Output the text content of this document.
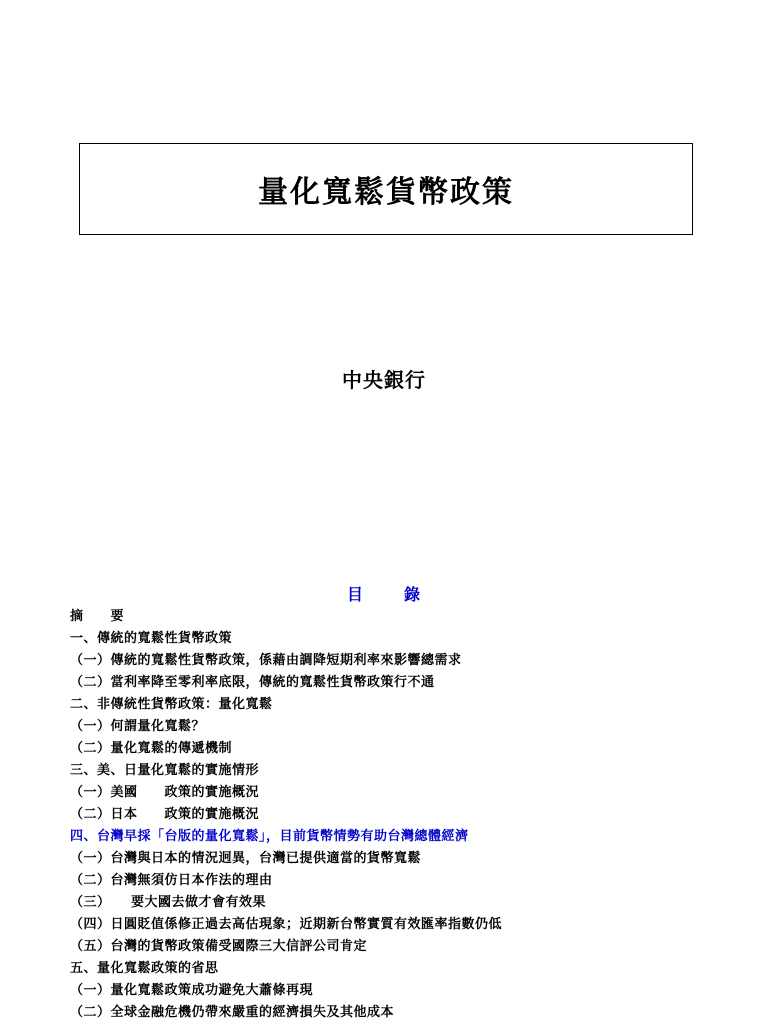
量化寬鬆貨幣政策
中央銀行
目	錄
摘　　要
一、傳統的寬鬆性貨幣政策
（一）傳統的寬鬆性貨幣政策，係藉由調降短期利率來影響總需求
（二）當利率降至零利率底限，傳統的寬鬆性貨幣政策行不通
二、非傳統性貨幣政策：量化寬鬆
（一）何謂量化寬鬆？
（二）量化寬鬆的傳遞機制
三、美、日量化寬鬆的實施情形
（一）美國　　政策的實施概況
（二）日本　　政策的實施概況
四、台灣早採「台版的量化寬鬆」，目前貨幣情勢有助台灣總體經濟
（一）台灣與日本的情況迥異，台灣已提供適當的貨幣寬鬆
（二）台灣無須仿日本作法的理由
（三）　　要大國去做才會有效果
（四）日圓貶值係修正過去高估現象；近期新台幣實質有效匯率指數仍低
（五）台灣的貨幣政策備受國際三大信評公司肯定
五、量化寬鬆政策的省思
（一）量化寬鬆政策成功避免大蕭條再現
（二）全球金融危機仍帶來嚴重的經濟損失及其他成本
